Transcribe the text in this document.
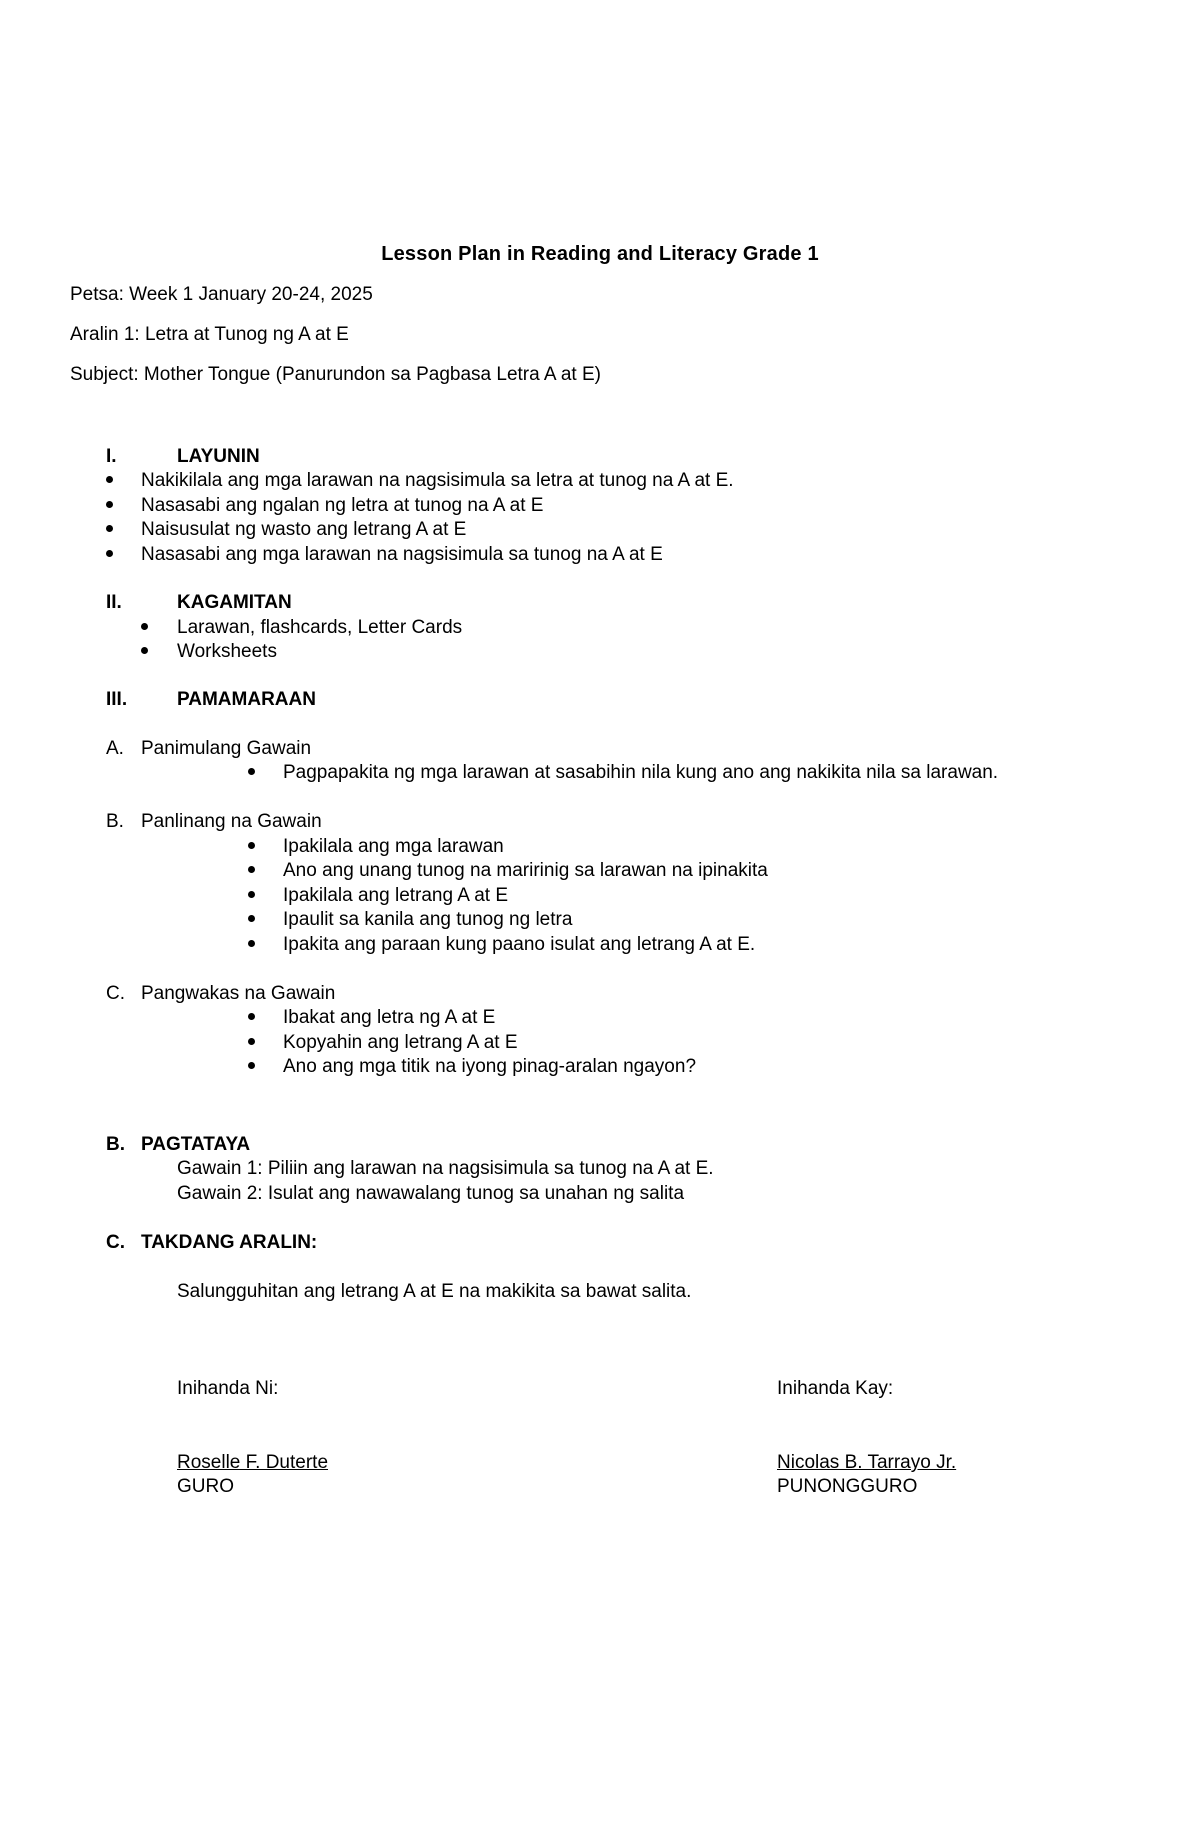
Lesson Plan in Reading and Literacy Grade 1
Petsa: Week 1 January 20-24, 2025
Aralin 1: Letra at Tunog ng A at E
Subject: Mother Tongue (Panurundon sa Pagbasa Letra A at E)
I.	LAYUNIN
Nakikilala ang mga larawan na nagsisimula sa letra at tunog na A at E.
Nasasabi ang ngalan ng letra at tunog na A at E
Naisusulat ng wasto ang letrang A at E
Nasasabi ang mga larawan na nagsisimula sa tunog na A at E
II.	KAGAMITAN
Larawan, flashcards, Letter Cards
Worksheets
III.	PAMAMARAAN
A. Panimulang Gawain
Pagpapakita ng mga larawan at sasabihin nila kung ano ang nakikita nila sa larawan.
B. Panlinang na Gawain
Ipakilala ang mga larawan
Ano ang unang tunog na maririnig sa larawan na ipinakita
Ipakilala ang letrang A at E
Ipaulit sa kanila ang tunog ng letra
Ipakita ang paraan kung paano isulat ang letrang A at E.
C. Pangwakas na Gawain
Ibakat ang letra ng A at E
Kopyahin ang letrang A at E
Ano ang mga titik na iyong pinag-aralan ngayon?
B. PAGTATAYA
Gawain 1: Piliin ang larawan na nagsisimula sa tunog na A at E.
Gawain 2: Isulat ang nawawalang tunog sa unahan ng salita
C. TAKDANG ARALIN:
Salungguhitan ang letrang A at E na makikita sa bawat salita.
Inihanda Ni:	Inihanda Kay:
Roselle F. Duterte	Nicolas B. Tarrayo Jr.
GURO	PUNONGGURO
